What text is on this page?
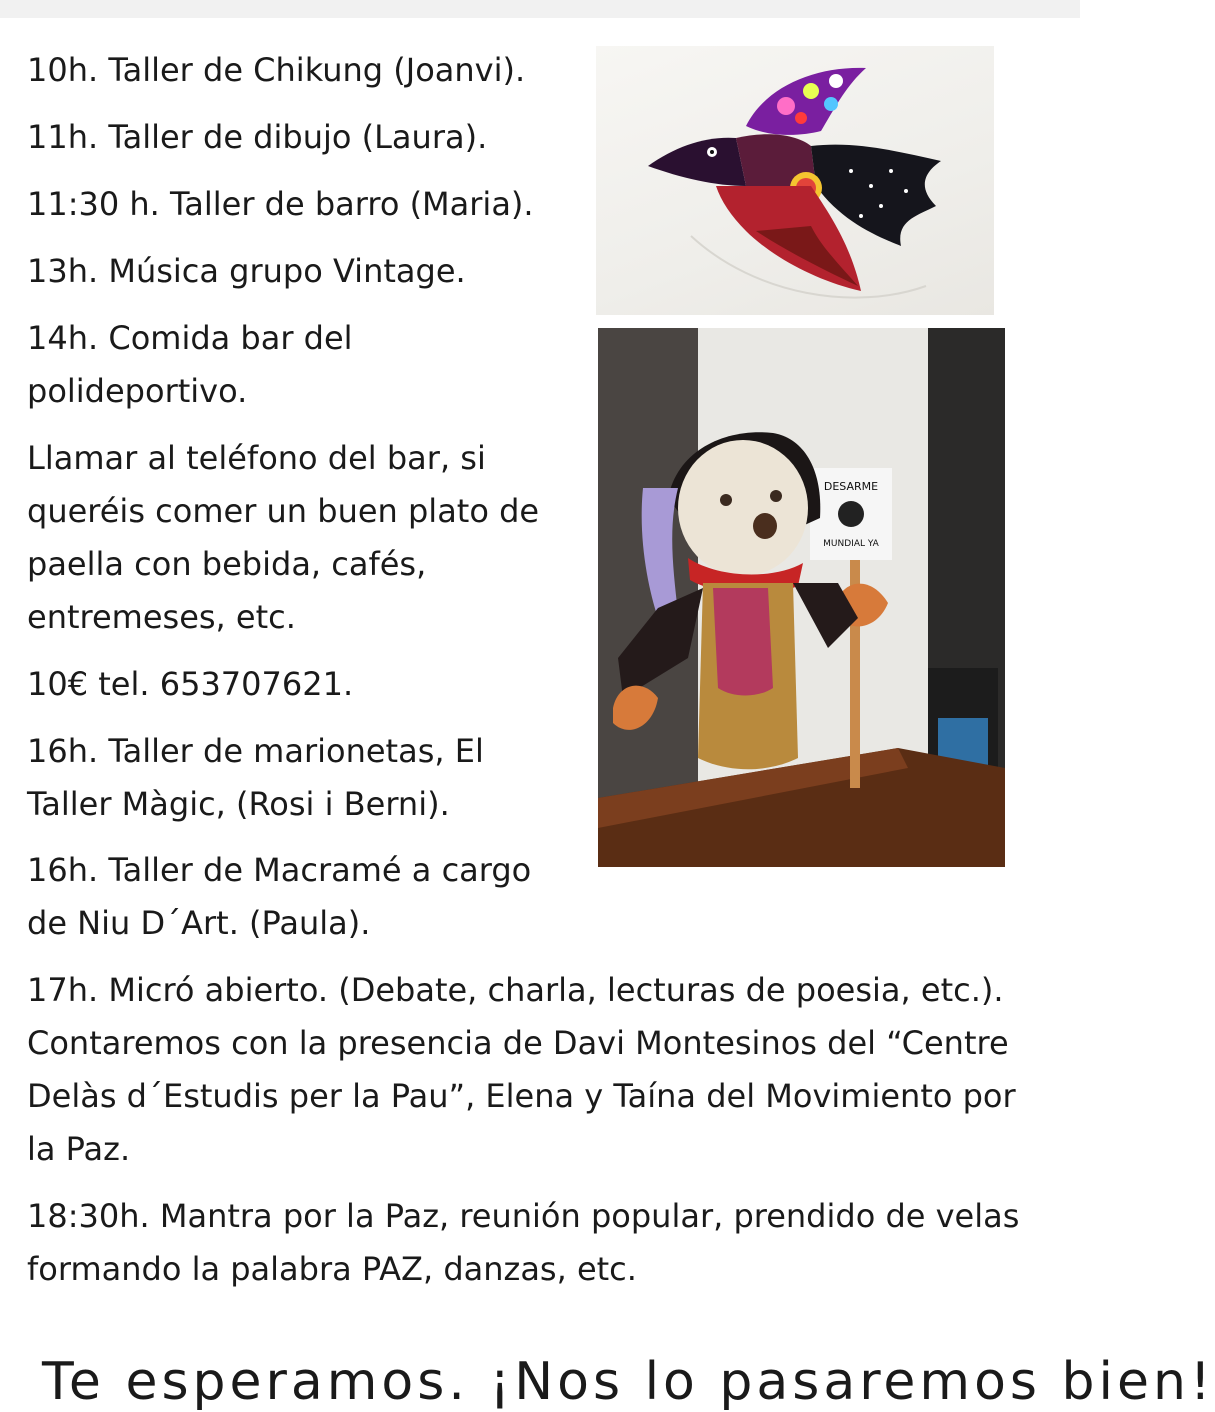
10h. Taller de Chikung (Joanvi).

11h. Taller de dibujo (Laura).

11:30 h. Taller de barro (Maria).

13h. Música grupo Vintage.

14h. Comida bar del

polideportivo.

Llamar al teléfono del bar, si

queréis comer un buen plato de

paella con bebida, cafés,

entremeses, etc.

10€ tel. 653707621.

16h. Taller de marionetas, El

Taller Màgic, (Rosi i Berni).

16h. Taller de Macramé a cargo

de Niu D´Art. (Paula).

17h. Micró abierto. (Debate, charla, lecturas de poesia, etc.).

Contaremos con la presencia de Davi Montesinos del “Centre

Delàs d´Estudis per la Pau”, Elena y Taína del Movimiento por

la Paz.

18:30h. Mantra por la Paz, reunión popular, prendido de velas

formando la palabra PAZ, danzas, etc.

DESARME
MUNDIAL YA
Te esperamos. ¡Nos lo pasaremos bien!
